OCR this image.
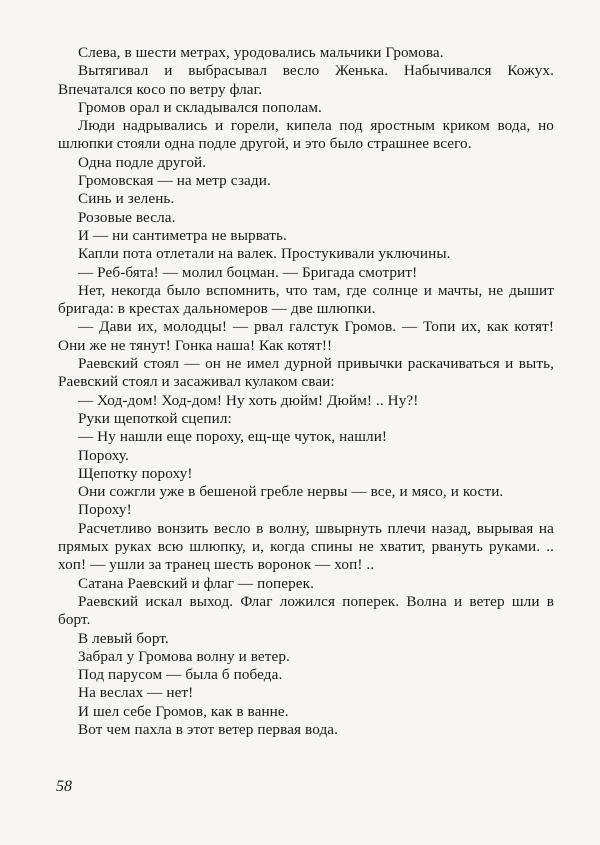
Слева, в шести метрах, уродовались мальчики Громова.

Вытягивал и выбрасывал весло Женька. Набычивался Кожух. Впечатался косо по ветру флаг.

Громов орал и складывался пополам.

Люди надрывались и горели, кипела под яростным криком вода, но шлюпки стояли одна подле другой, и это было страшнее всего.

Одна подле другой.

Громовская — на метр сзади.

Синь и зелень.

Розовые весла.

И — ни сантиметра не вырвать.

Капли пота отлетали на валек. Простукивали уключины.

— Реб-бята! — молил боцман. — Бригада смотрит!

Нет, некогда было вспомнить, что там, где солнце и мачты, не дышит бригада: в крестах дальномеров — две шлюпки.

— Дави их, молодцы! — рвал галстук Громов. — Топи их, как котят! Они же не тянут! Гонка наша! Как котят!!

Раевский стоял — он не имел дурной привычки раскачиваться и выть, Раевский стоял и засаживал кулаком сваи:

— Ход-дом! Ход-дом! Ну хоть дюйм! Дюйм! .. Ну?!

Руки щепоткой сцепил:

— Ну нашли еще пороху, ещ-ще чуток, нашли!

Пороху.

Щепотку пороху!

Они сожгли уже в бешеной гребле нервы — все, и мясо, и кости.

Пороху!

Расчетливо вонзить весло в волну, швырнуть плечи назад, вырывая на прямых руках всю шлюпку, и, когда спины не хватит, рвануть руками. .. хоп! — ушли за транец шесть воронок — хоп! ..

Сатана Раевский и флаг — поперек.

Раевский искал выход. Флаг ложился поперек. Волна и ветер шли в борт.

В левый борт.

Забрал у Громова волну и ветер.

Под парусом — была б победа.

На веслах — нет!

И шел себе Громов, как в ванне.

Вот чем пахла в этот ветер первая вода.

58
